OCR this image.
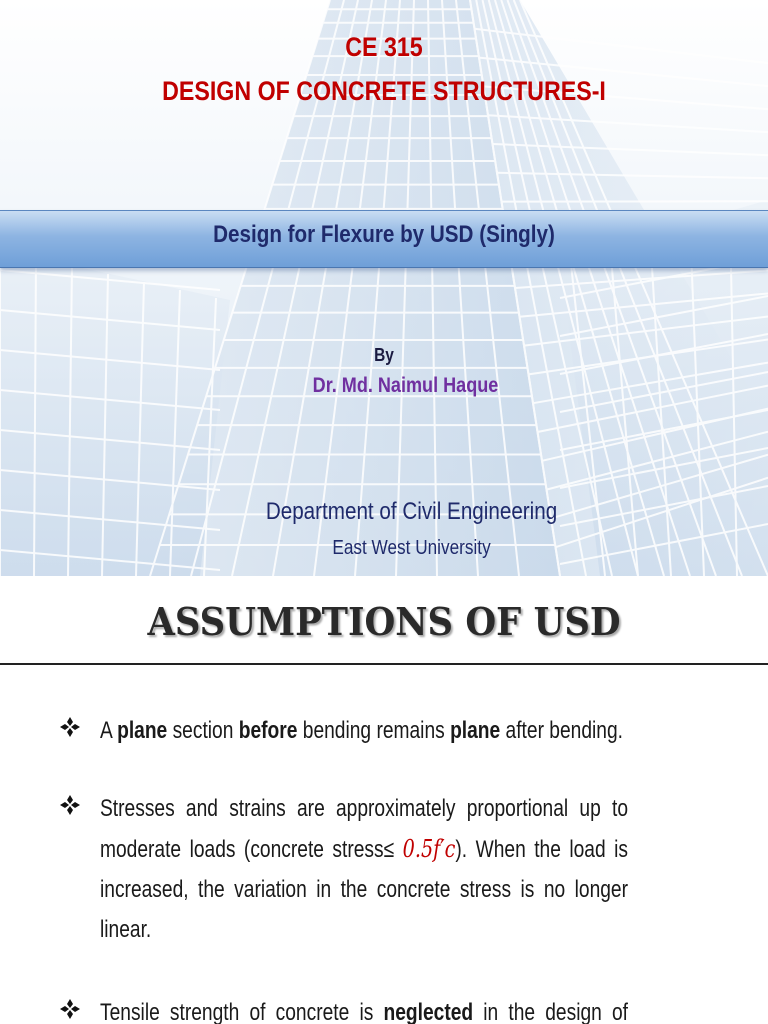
CE 315
DESIGN OF CONCRETE STRUCTURES-I
Design for Flexure by USD (Singly)
By
Dr. Md. Naimul Haque
Department of Civil Engineering
East West University
ASSUMPTIONS OF USD
A plane section before bending remains plane after bending.
Stresses and strains are approximately proportional up to
moderate loads (concrete stress≤ 0.5f′c). When the load is
increased, the variation in the concrete stress is no longer
linear.
Tensile strength of concrete is neglected in the design of
